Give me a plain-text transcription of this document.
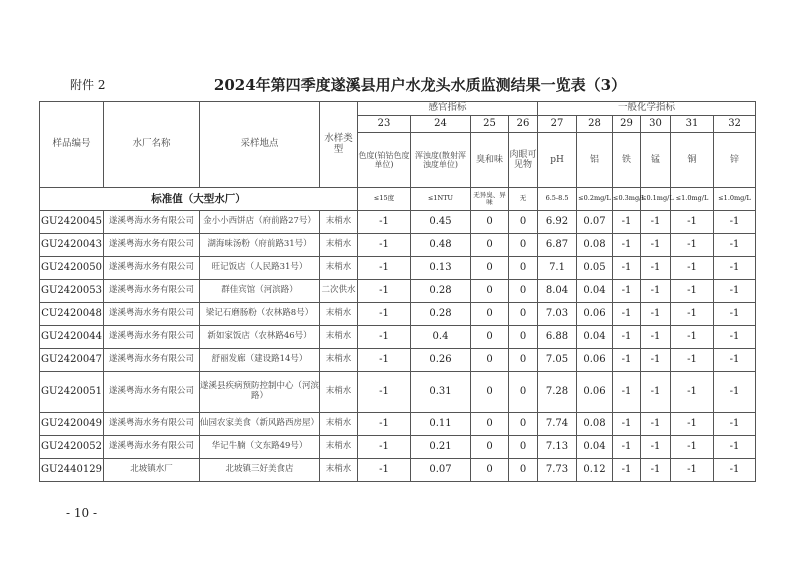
附件 2	2024年第四季度遂溪县用户水龙头水质监测结果一览表（3）
样品编号	水厂名称	采样地点	水样类型	感官指标				一般化学指标					
				23	24	25	26	27	28	29	30	31	32
				色度(铂钴色度单位)	浑浊度(散射浑浊度单位)	臭和味	肉眼可见物	pH	铝	铁	锰	铜	锌
标准值（大型水厂）				≤15度	≤1NTU	无异臭、异味	无	6.5-8.5	≤0.2mg/L	≤0.3mg/L	≤0.1mg/L	≤1.0mg/L	≤1.0mg/L
GU2420045	遂溪粤海水务有限公司	金小小西饼店（府前路27号）	末梢水	-1	0.45	0	0	6.92	0.07	-1	-1	-1	-1
GU2420043	遂溪粤海水务有限公司	湖海味汤粉（府前路31号）	末梢水	-1	0.48	0	0	6.87	0.08	-1	-1	-1	-1
GU2420050	遂溪粤海水务有限公司	旺记饭店（人民路31号）	末梢水	-1	0.13	0	0	7.1	0.05	-1	-1	-1	-1
GU2420053	遂溪粤海水务有限公司	群佳宾馆（河滨路）	二次供水	-1	0.28	0	0	8.04	0.04	-1	-1	-1	-1
CU2420048	遂溪粤海水务有限公司	梁记石磨肠粉（农林路8号）	末梢水	-1	0.28	0	0	7.03	0.06	-1	-1	-1	-1
GU2420044	遂溪粤海水务有限公司	新如家饭店（农林路46号）	末梢水	-1	0.4	0	0	6.88	0.04	-1	-1	-1	-1
GU2420047	遂溪粤海水务有限公司	舒丽发廊（建设路14号）	末梢水	-1	0.26	0	0	7.05	0.06	-1	-1	-1	-1
GU2420051	遂溪粤海水务有限公司	遂溪县疾病预防控制中心（河滨路）	末梢水	-1	0.31	0	0	7.28	0.06	-1	-1	-1	-1
GU2420049	遂溪粤海水务有限公司	仙园农家美食（新风路西房屋）	末梢水	-1	0.11	0	0	7.74	0.08	-1	-1	-1	-1
GU2420052	遂溪粤海水务有限公司	华记牛腩（文东路49号）	末梢水	-1	0.21	0	0	7.13	0.04	-1	-1	-1	-1
GU2440129	北坡镇水厂	北坡镇三好美食店	末梢水	-1	0.07	0	0	7.73	0.12	-1	-1	-1	-1
- 10 -
